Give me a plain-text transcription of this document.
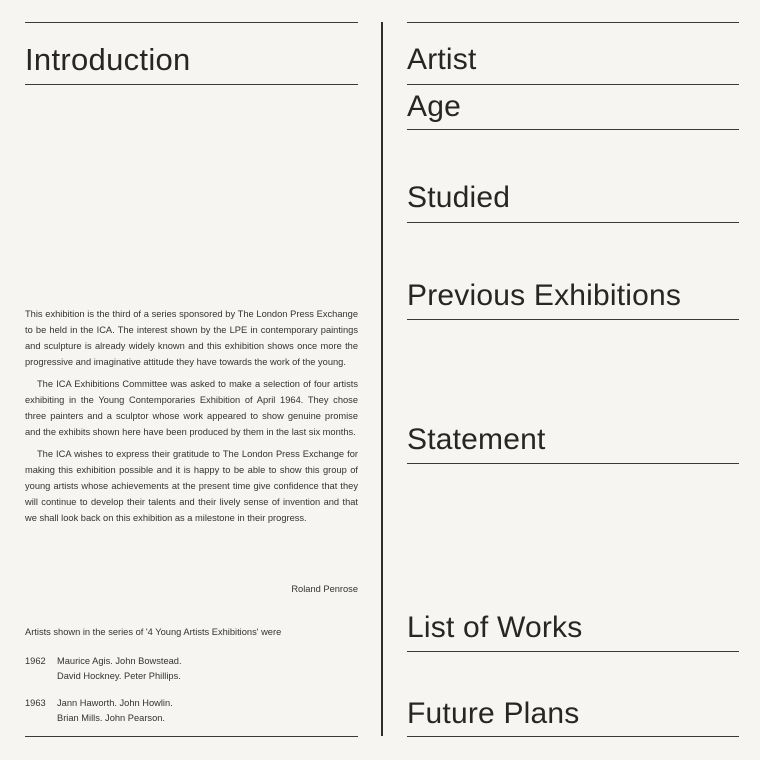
Introduction

This exhibition is the third of a series sponsored by The London Press Exchange to be held in the ICA. The interest shown by the LPE in contemporary paintings and sculpture is already widely known and this exhibition shows once more the progressive and imaginative attitude they have towards the work of the young.

The ICA Exhibitions Committee was asked to make a selection of four artists exhibiting in the Young Contemporaries Exhibition of April 1964. They chose three painters and a sculptor whose work appeared to show genuine promise and the exhibits shown here have been produced by them in the last six months.

The ICA wishes to express their gratitude to The London Press Exchange for making this exhibition possible and it is happy to be able to show this group of young artists whose achievements at the present time give confidence that they will continue to develop their talents and their lively sense of invention and that we shall look back on this exhibition as a milestone in their progress.

Roland Penrose
Artists shown in the series of '4 Young Artists Exhibitions' were
1962	Maurice Agis. John Bowstead.
David Hockney. Peter Phillips.
1963	Jann Haworth. John Howlin.
Brian Mills. John Pearson.
Artist
Age
Studied
Previous Exhibitions
Statement
List of Works
Future Plans
